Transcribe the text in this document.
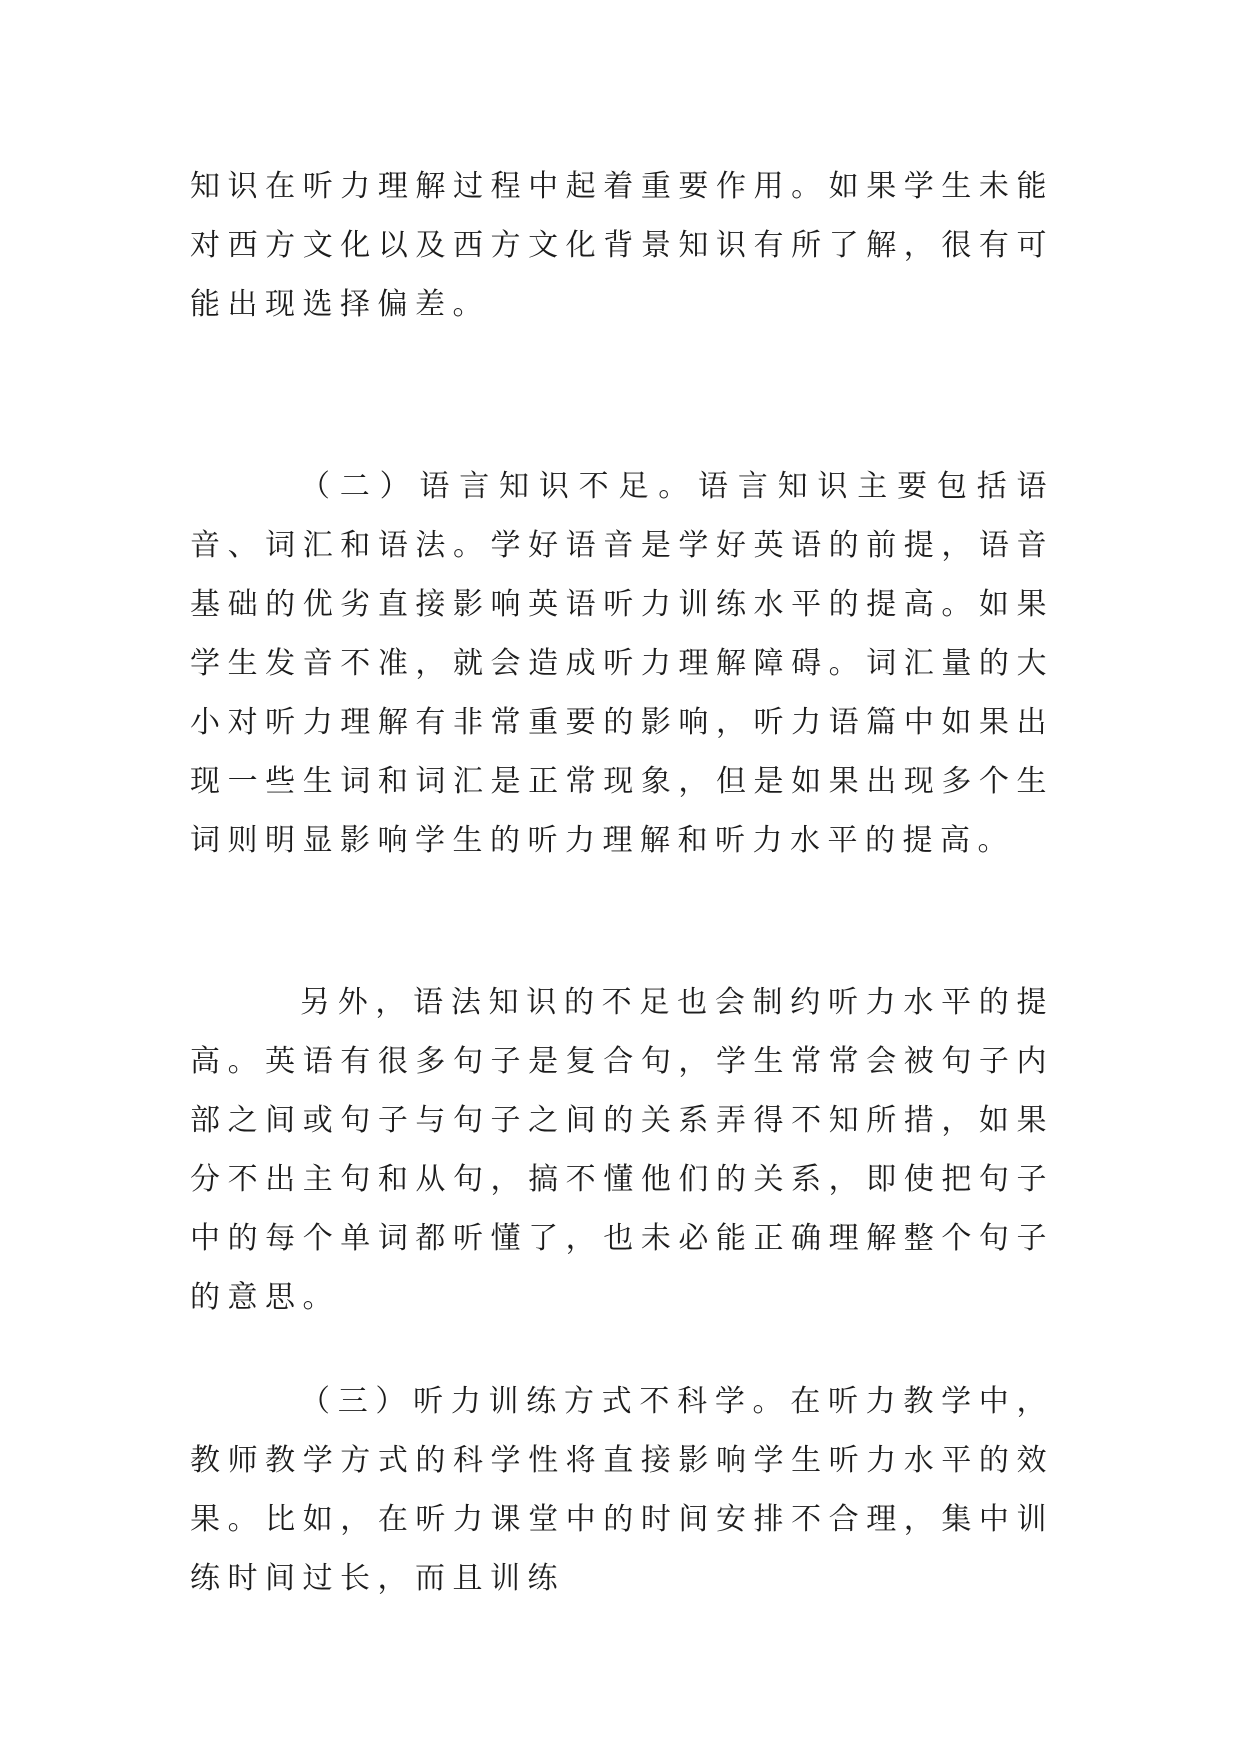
知识在听力理解过程中起着重要作用。如果学生未能对西方文化以及西方文化背景知识有所了解，很有可能出现选择偏差。

（二）语言知识不足。语言知识主要包括语音、词汇和语法。学好语音是学好英语的前提，语音基础的优劣直接影响英语听力训练水平的提高。如果学生发音不准，就会造成听力理解障碍。词汇量的大小对听力理解有非常重要的影响，听力语篇中如果出现一些生词和词汇是正常现象，但是如果出现多个生词则明显影响学生的听力理解和听力水平的提高。

另外，语法知识的不足也会制约听力水平的提高。英语有很多句子是复合句，学生常常会被句子内部之间或句子与句子之间的关系弄得不知所措，如果分不出主句和从句，搞不懂他们的关系，即使把句子中的每个单词都听懂了，也未必能正确理解整个句子的意思。

（三）听力训练方式不科学。在听力教学中，教师教学方式的科学性将直接影响学生听力水平的效果。比如，在听力课堂中的时间安排不合理，集中训练时间过长，而且训练
